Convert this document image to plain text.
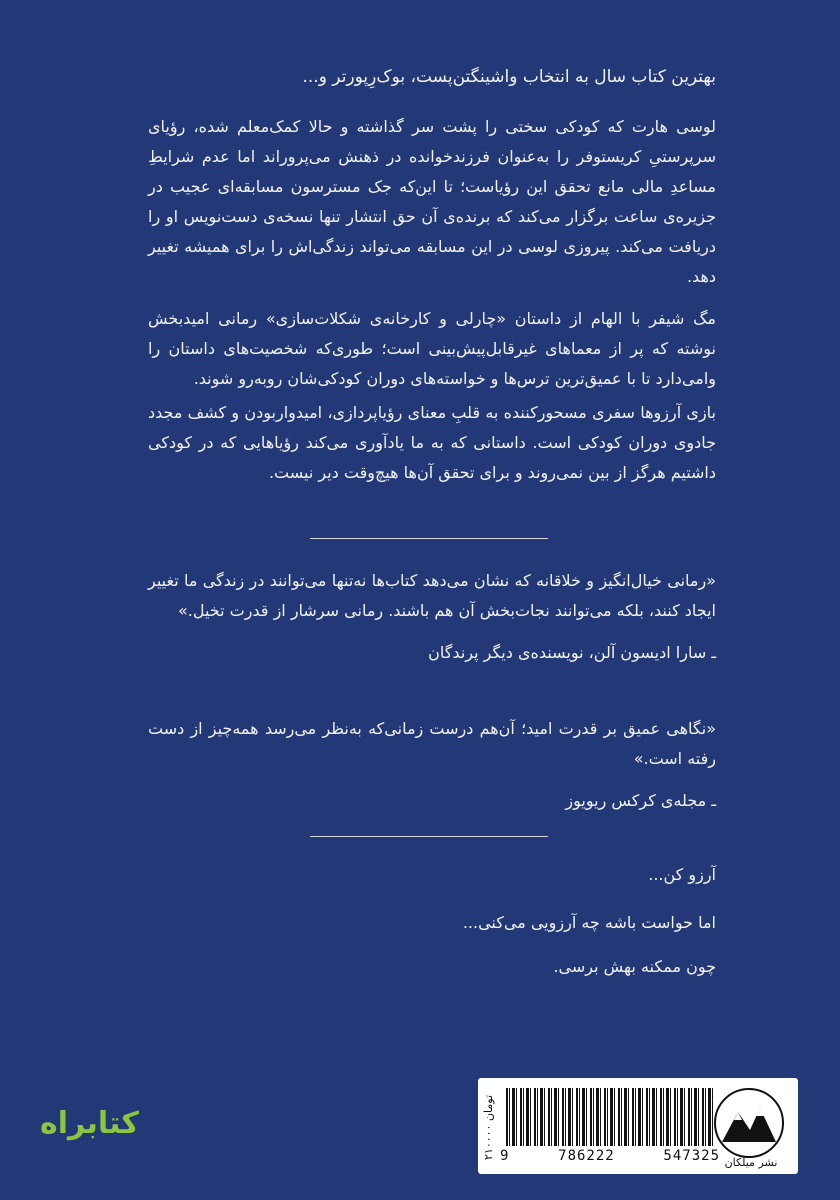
بهترین کتاب سال به انتخاب واشینگتن‌پست، بوک‌رِپورتر و...
لوسی هارت که کودکی سختی را پشت سر گذاشته و حالا کمک‌معلم شده، رؤیای سرپرستیِ کریستوفر را به‌عنوان فرزندخوانده در ذهنش می‌پروراند اما عدم شرایطِ مساعدِ مالی مانع تحقق این رؤیاست؛ تا این‌که جک مسترسون مسابقه‌ای عجیب در جزیره‌ی ساعت برگزار می‌کند که برنده‌ی آن حق انتشار تنها نسخه‌ی دست‌نویس او را دریافت می‌کند. پیروزی لوسی در این مسابقه می‌تواند زندگی‌اش را برای همیشه تغییر دهد.
مگ شیفر با الهام از داستان «چارلی و کارخانه‌ی شکلات‌سازی» رمانی امیدبخش نوشته که پر از معماهای غیرقابل‌پیش‌بینی است؛ طوری‌که شخصیت‌های داستان را وامی‌دارد تا با عمیق‌ترین ترس‌ها و خواسته‌های دوران کودکی‌شان روبه‌رو شوند.
بازی آرزوها سفری مسحورکننده به قلبِ معنای رؤیاپردازی، امیدوار‌بودن و کشف مجدد جادوی دوران کودکی است. داستانی که به ما یادآوری می‌کند رؤیاهایی که در کودکی داشتیم هرگز از بین نمی‌روند و برای تحقق آن‌ها هیچ‌وقت دیر نیست.
«رمانی خیال‌انگیز و خلاقانه که نشان می‌دهد کتاب‌ها نه‌تنها می‌توانند در زندگی ما تغییر ایجاد کنند، بلکه می‌توانند نجات‌بخش آن هم باشند. رمانی سرشار از قدرت تخیل.»
ـ سارا ادیسون آلن، نویسنده‌ی دیگر پرندگان
«نگاهی عمیق بر قدرت امید؛ آن‌هم درست زمانی‌که به‌نظر می‌رسد همه‌چیز از دست رفته است.»
ـ مجله‌ی کرکس ریویوز
آرزو کن...
اما حواست باشه چه آرزویی می‌کنی...
چون ممکنه بهش برسی.
۲۱۰۰۰۰ تومان
9	786222	547325 نشر میلکان
کتابراه
